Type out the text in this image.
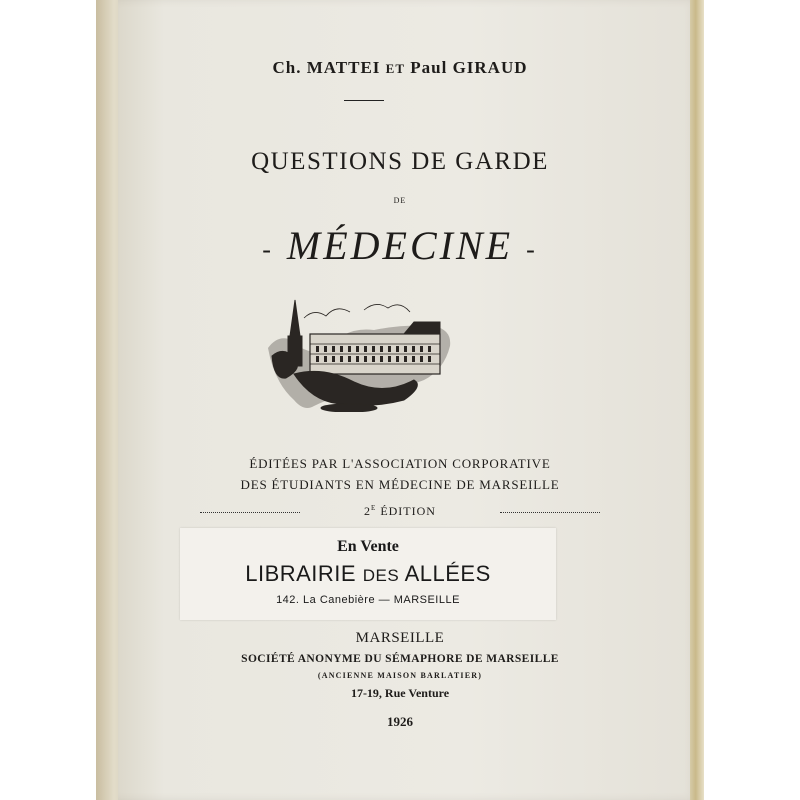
Ch. MATTEI ET Paul GIRAUD
QUESTIONS DE GARDE
DE
- MÉDECINE -
ÉDITÉES PAR L'ASSOCIATION CORPORATIVE
DES ÉTUDIANTS EN MÉDECINE DE MARSEILLE
$2^E$ ÉDITION
En Vente
LIBRAIRIE DES ALLÉES
142. La Canebière — MARSEILLE
MARSEILLE
SOCIÉTÉ ANONYME DU SÉMAPHORE DE MARSEILLE
(ANCIENNE MAISON BARLATIER)
17-19, Rue Venture
1926
